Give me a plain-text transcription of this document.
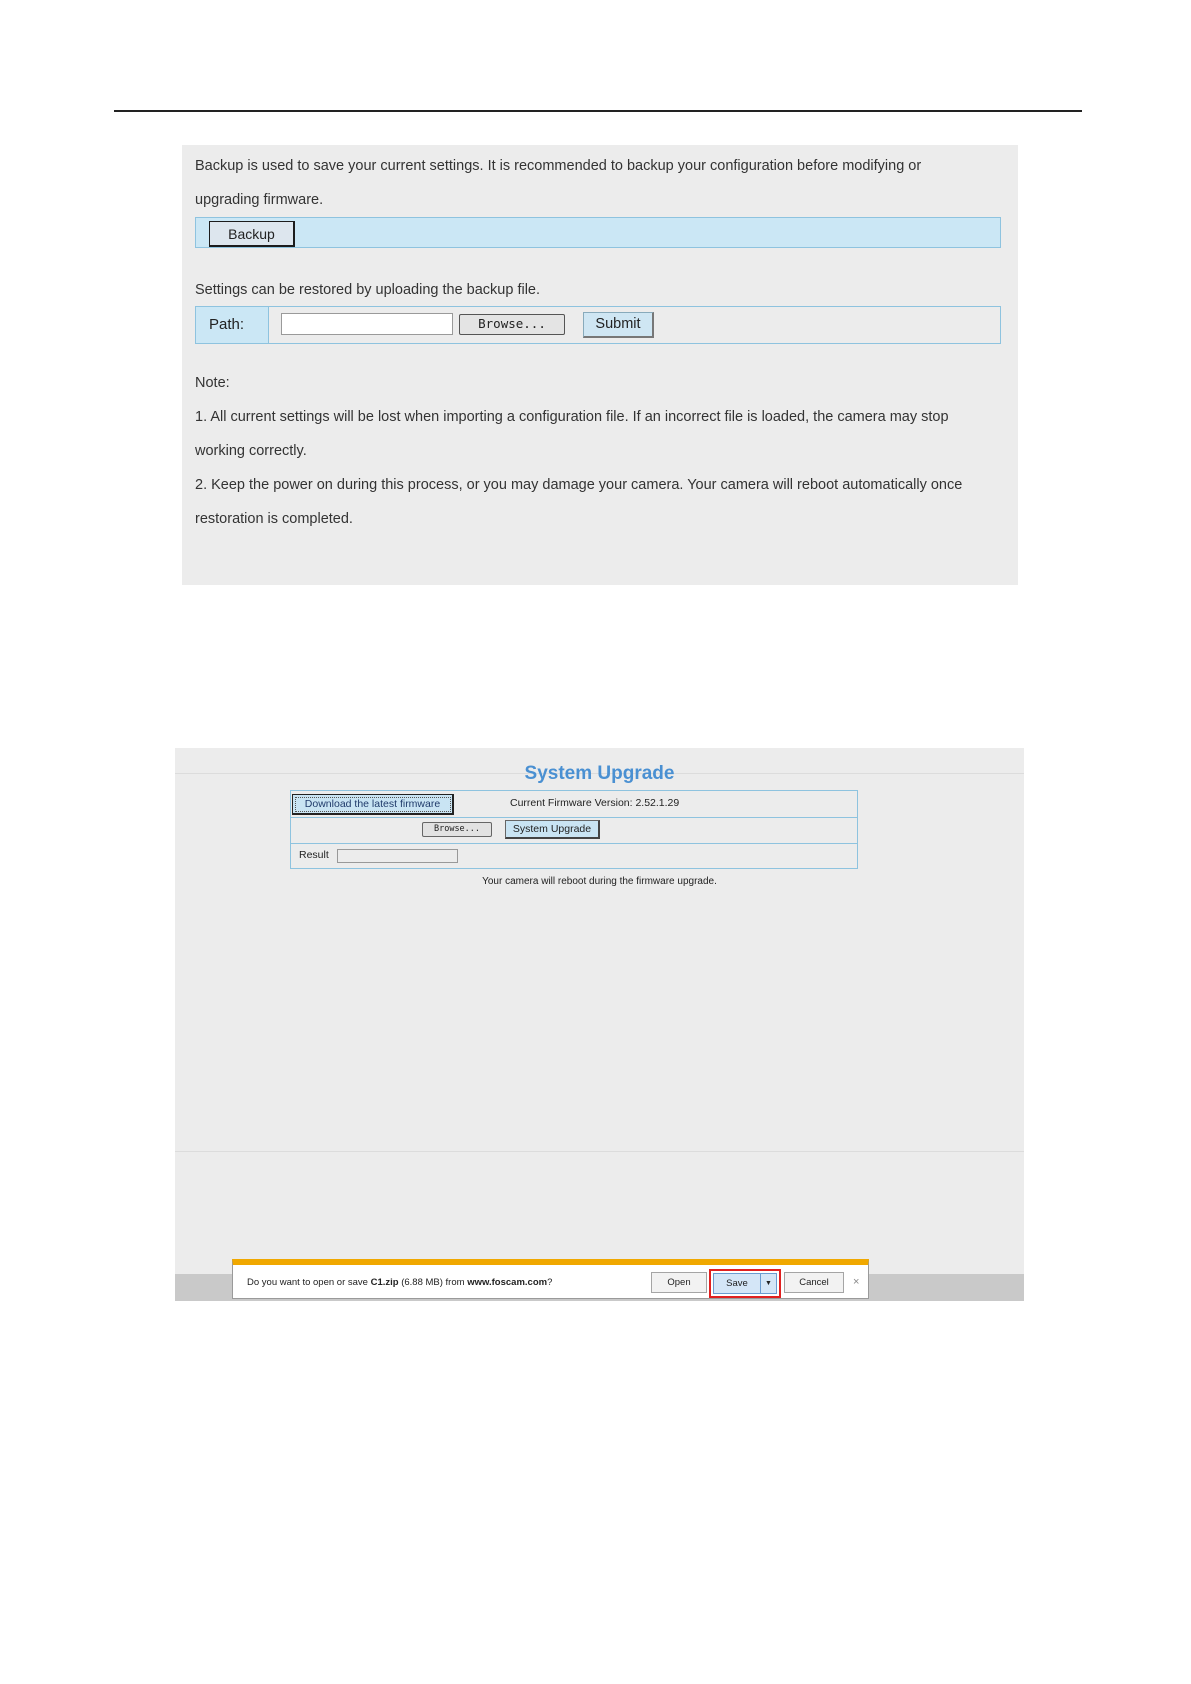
Backup is used to save your current settings. It is recommended to backup your configuration before modifying or
upgrading firmware.
Backup
Settings can be restored by uploading the backup file.
Path:	Browse...	Submit
Note:
1. All current settings will be lost when importing a configuration file. If an incorrect file is loaded, the camera may stop
working correctly.
2. Keep the power on during this process, or you may damage your camera. Your camera will reboot automatically once
restoration is completed.
System Upgrade
Download the latest firmware	Current Firmware Version: 2.52.1.29
Browse...	System Upgrade
Result
Your camera will reboot during the firmware upgrade.
Do you want to open or save C1.zip (6.88 MB) from www.foscam.com?	Open	Save	▼	Cancel	×
